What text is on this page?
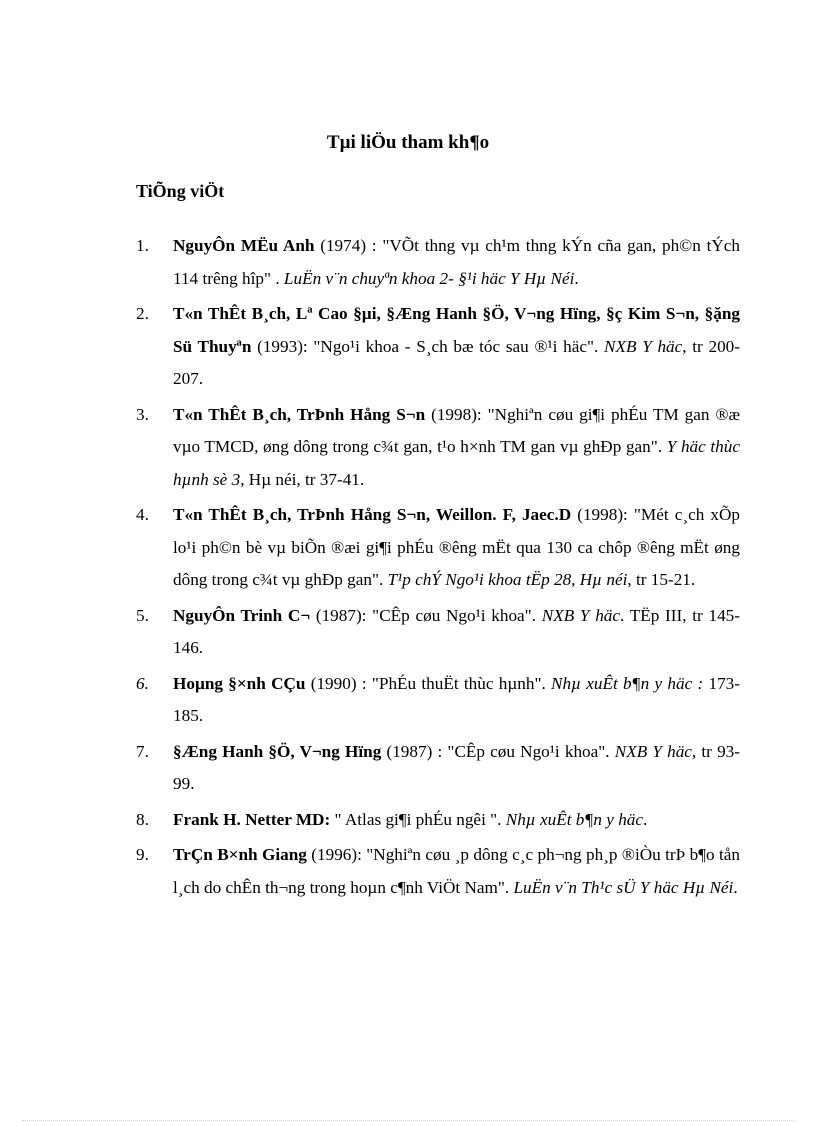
Tµi liÖu tham kh¶o
TiÕng viÖt
1. NguyÔn MËu Anh (1974) : "VÕt thng vµ ch¹m thng kÝn cña gan, ph©n tÝch 114 trêng hîp" . LuËn v¨n chuyªn khoa 2- §¹i häc Y Hµ Néi.
2. T«n ThÊt B¸ch, Lª Cao §µi, §Æng Hanh §Ö, V¬ng Hïng, §ç Kim S¬n, §ặng Sü Thuyªn (1993): "Ngo¹i khoa - S¸ch bæ tóc sau ®¹i häc". NXB Y häc, tr 200-207.
3. T«n ThÊt B¸ch, TrÞnh Hång S¬n (1998): "Nghiªn cøu gi¶i phÉu TM gan ®æ vµo TMCD, øng dông trong c¾t gan, t¹o h×nh TM gan vµ ghÐp gan". Y häc thùc hµnh sè 3, Hµ néi, tr 37-41.
4. T«n ThÊt B¸ch, TrÞnh Hång S¬n, Weillon. F, Jaec.D (1998): "Mét c¸ch xÕp lo¹i ph©n bè vµ biÕn ®æi gi¶i phÉu ®êng mËt qua 130 ca chôp ®êng mËt øng dông trong c¾t vµ ghÐp gan". T¹p chÝ Ngo¹i khoa tËp 28, Hµ néi, tr 15-21.
5. NguyÔn Trinh C¬ (1987): "CÊp cøu Ngo¹i khoa". NXB Y häc. TËp III, tr 145-146.
6. Hoµng §×nh CÇu (1990) : "PhÉu thuËt thùc hµnh". Nhµ xuÊt b¶n y häc : 173-185.
7. §Æng Hanh §Ö, V¬ng Hïng (1987) : "CÊp cøu Ngo¹i khoa". NXB Y häc, tr 93-99.
8. Frank H. Netter MD: " Atlas gi¶i phÉu ngêi ". Nhµ xuÊt b¶n y häc.
9. TrÇn B×nh Giang (1996): "Nghiªn cøu ¸p dông c¸c ph¬ng ph¸p ®iÒu trÞ b¶o tån l¸ch do chÊn th¬ng trong hoµn c¶nh ViÖt Nam". LuËn v¨n Th¹c sÜ Y häc Hµ Néi.
